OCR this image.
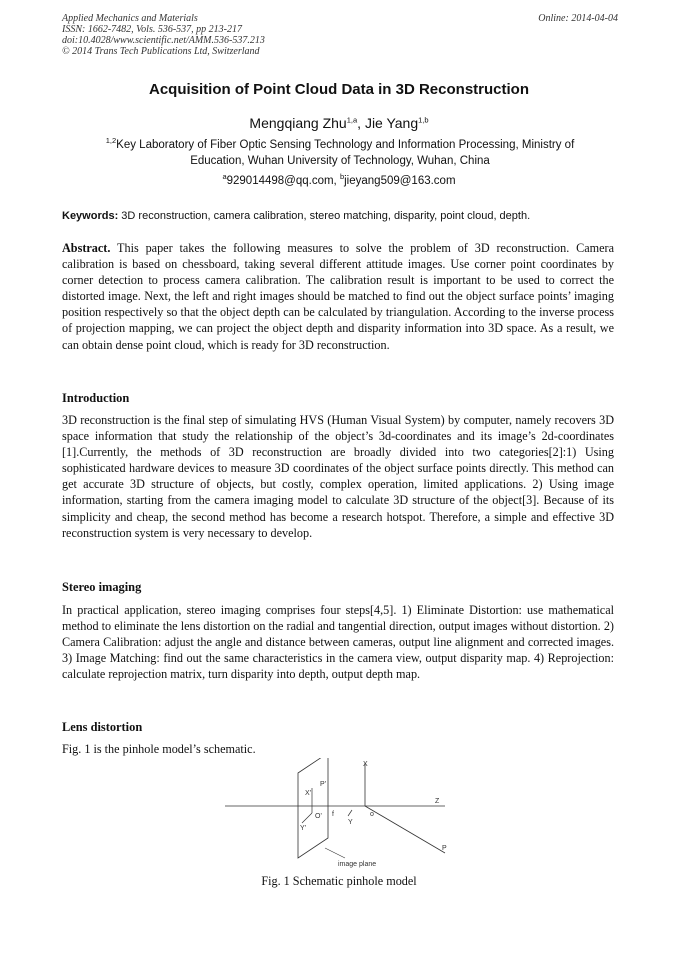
Applied Mechanics and Materials
ISSN: 1662-7482, Vols. 536-537, pp 213-217
doi:10.4028/www.scientific.net/AMM.536-537.213
© 2014 Trans Tech Publications Ltd, Switzerland
Online: 2014-04-04
Acquisition of Point Cloud Data in 3D Reconstruction
Mengqiang Zhu$^{1,a}$, Jie Yang$^{1,b}$
$^{1,2}$Key Laboratory of Fiber Optic Sensing Technology and Information Processing, Ministry of Education, Wuhan University of Technology, Wuhan, China
$^a$929014498@qq.com, $^b$jieyang509@163.com
Keywords: 3D reconstruction, camera calibration, stereo matching, disparity, point cloud, depth.
Abstract. This paper takes the following measures to solve the problem of 3D reconstruction. Camera calibration is based on chessboard, taking several different attitude images. Use corner point coordinates by corner detection to process camera calibration. The calibration result is important to be used to correct the distorted image. Next, the left and right images should be matched to find out the object surface points’ imaging position respectively so that the object depth can be calculated by triangulation. According to the inverse process of projection mapping, we can project the object depth and disparity information into 3D space. As a result, we can obtain dense point cloud, which is ready for 3D reconstruction.
Introduction
3D reconstruction is the final step of simulating HVS (Human Visual System) by computer, namely recovers 3D space information that study the relationship of the object’s 3d-coordinates and its image’s 2d-coordinates [1].Currently, the methods of 3D reconstruction are broadly divided into two categories[2]:1) Using sophisticated hardware devices to measure 3D coordinates of the object surface points directly. This method can get accurate 3D structure of objects, but costly, complex operation, limited applications. 2) Using image information, starting from the camera imaging model to calculate 3D structure of the object[3]. Because of its simplicity and cheap, the second method has become a research hotspot. Therefore, a simple and effective 3D reconstruction system is very necessary to develop.
Stereo imaging
In practical application, stereo imaging comprises four steps[4,5]. 1) Eliminate Distortion: use mathematical method to eliminate the lens distortion on the radial and tangential direction, output images without distortion. 2) Camera Calibration: adjust the angle and distance between cameras, output line alignment and corrected images. 3) Image Matching: find out the same characteristics in the camera view, output disparity map. 4) Reprojection: calculate reprojection matrix, turn disparity into depth, output depth map.
Lens distortion
Fig. 1 is the pinhole model’s schematic.
X
Z
P'
X'
Y'
O' f
Y
o
P
image plane
Fig. 1 Schematic pinhole model
